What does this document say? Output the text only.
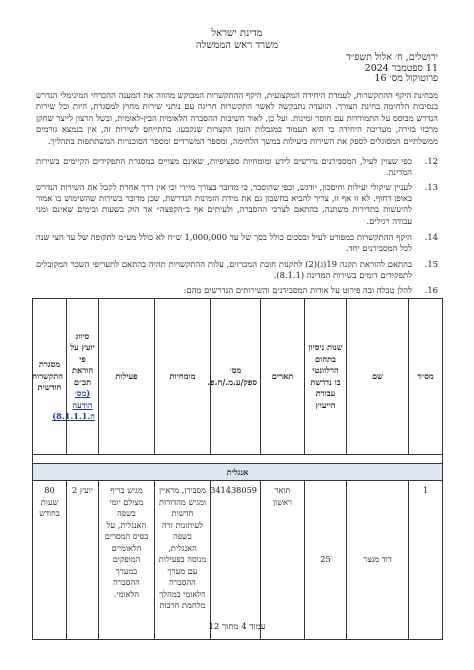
מדינת ישראל
משרד ראש הממשלה
ירושלים, ח׳ אלול תשפ״ד
11 ספטמבר 2024
פרוטוקול מס׳ 16
מבחינת היקף ההתקשרות, לעמדת היחידה המקצועית, היקף ההתקשרות המבוקש מהווה את המענה ההכרחי המינימלי הנדרש בנסיבות הלחימה בחינת הצורך. הוועדה נתבקשה לאשר התקשרות חריגה עם נותני שירות מחוץ למסגרת, היות וכל שירות הנדרש מבוסס על התמודדות עם חוסר זמינות. ועל כן, לאור חשיבות ההסברה הלאומית הבין-לאומית, ובשל הרצון לייצר שחקן מרכזי בזירה, מעריכה היחידה כי היא תעמוד במגבלות הזמן הקצרות שנקבעו. בהתייחס לשירות זה, אין בנמצא גורמים ממשלתיים המסוגלים לספק את השירות ביעילות במשך הלחימה, ומספר המשרדים ומספר הסוכנויות המשתתפות בתהליך.
12.
כפי שצוין לעיל, המסבירנים נדרשים לידע ומומחיות ספציפיות, שאינם מצויים במסגרת התפקידים הקיימים בשירות המדינה.
13.
לעניין שיקולי יעילות וחיסכון, יודגש, וכפי שהוסבר, כי מדובר בצורך מיידי וכי אין דרך אחרת לקבל את השירות הנדרש באופן דחוף. לא זו אף זו, צריך להביא בחשבון גם את מידת הזמינות הנדרשת, שכן מדובר בשירות שהשימוש בו אמור להיעשות בתדירות משתנה, בהתאם לצרכי ההסברה, ולעיתים אף ב״הקפצה״ אד הוק בשעות ובימים שאינם ומני עבודה רגילים.
14.
היקף ההתקשרות כמפורט לעיל ובסכום כולל בסך של עד 1,000,000 ש״ח לא כולל מע״מ לתקופה של עד חצי שנה לכל המסבירנים יחד.
15.
בהתאם להוראת תקנה 19(ג)(2) לתקנות חובת המכרזים, עלות ההתקשרות תהיה בהתאם לתעריפי השכר המקובלים לתפקידים דומים בשירות המדינה (8.1.1).
16.
להלן טבלה ובה פירוט על אודות המסבירנים והשירותים הנדרשים מהם:
מס״ד	שם	שנות ניסיון בתחום הרלוונטי בו נדרשת עבודת הייעוץ	תארים	מס׳ ספק/ע.מ./ח.פ.	מומחיות	פעילות	סיווג יועץ על פי הוראת תכ״ם
(מס׳ הודעה
ה.8.1.1.1)	מסגרת התקשרות חודשית

אנגלית								
1	דוד מנצר	25	תואר ראשון	341438059	מסבירן, מראיין ומגיש מהדורות חדשות לעיתונות זרה בשפה האנגלית, מנוסה בפעילות עם מערך ההסברה הלאומי במהלך מלחמת חרבות	מגיש בריף מצולם יומי בשפה האנגלית, על בסיס המסרים הלאומיים המופקים במערך ההסברה הלאומי.	יועץ 2	80 שעות בחודש
עמוד 4 מתוך 12
